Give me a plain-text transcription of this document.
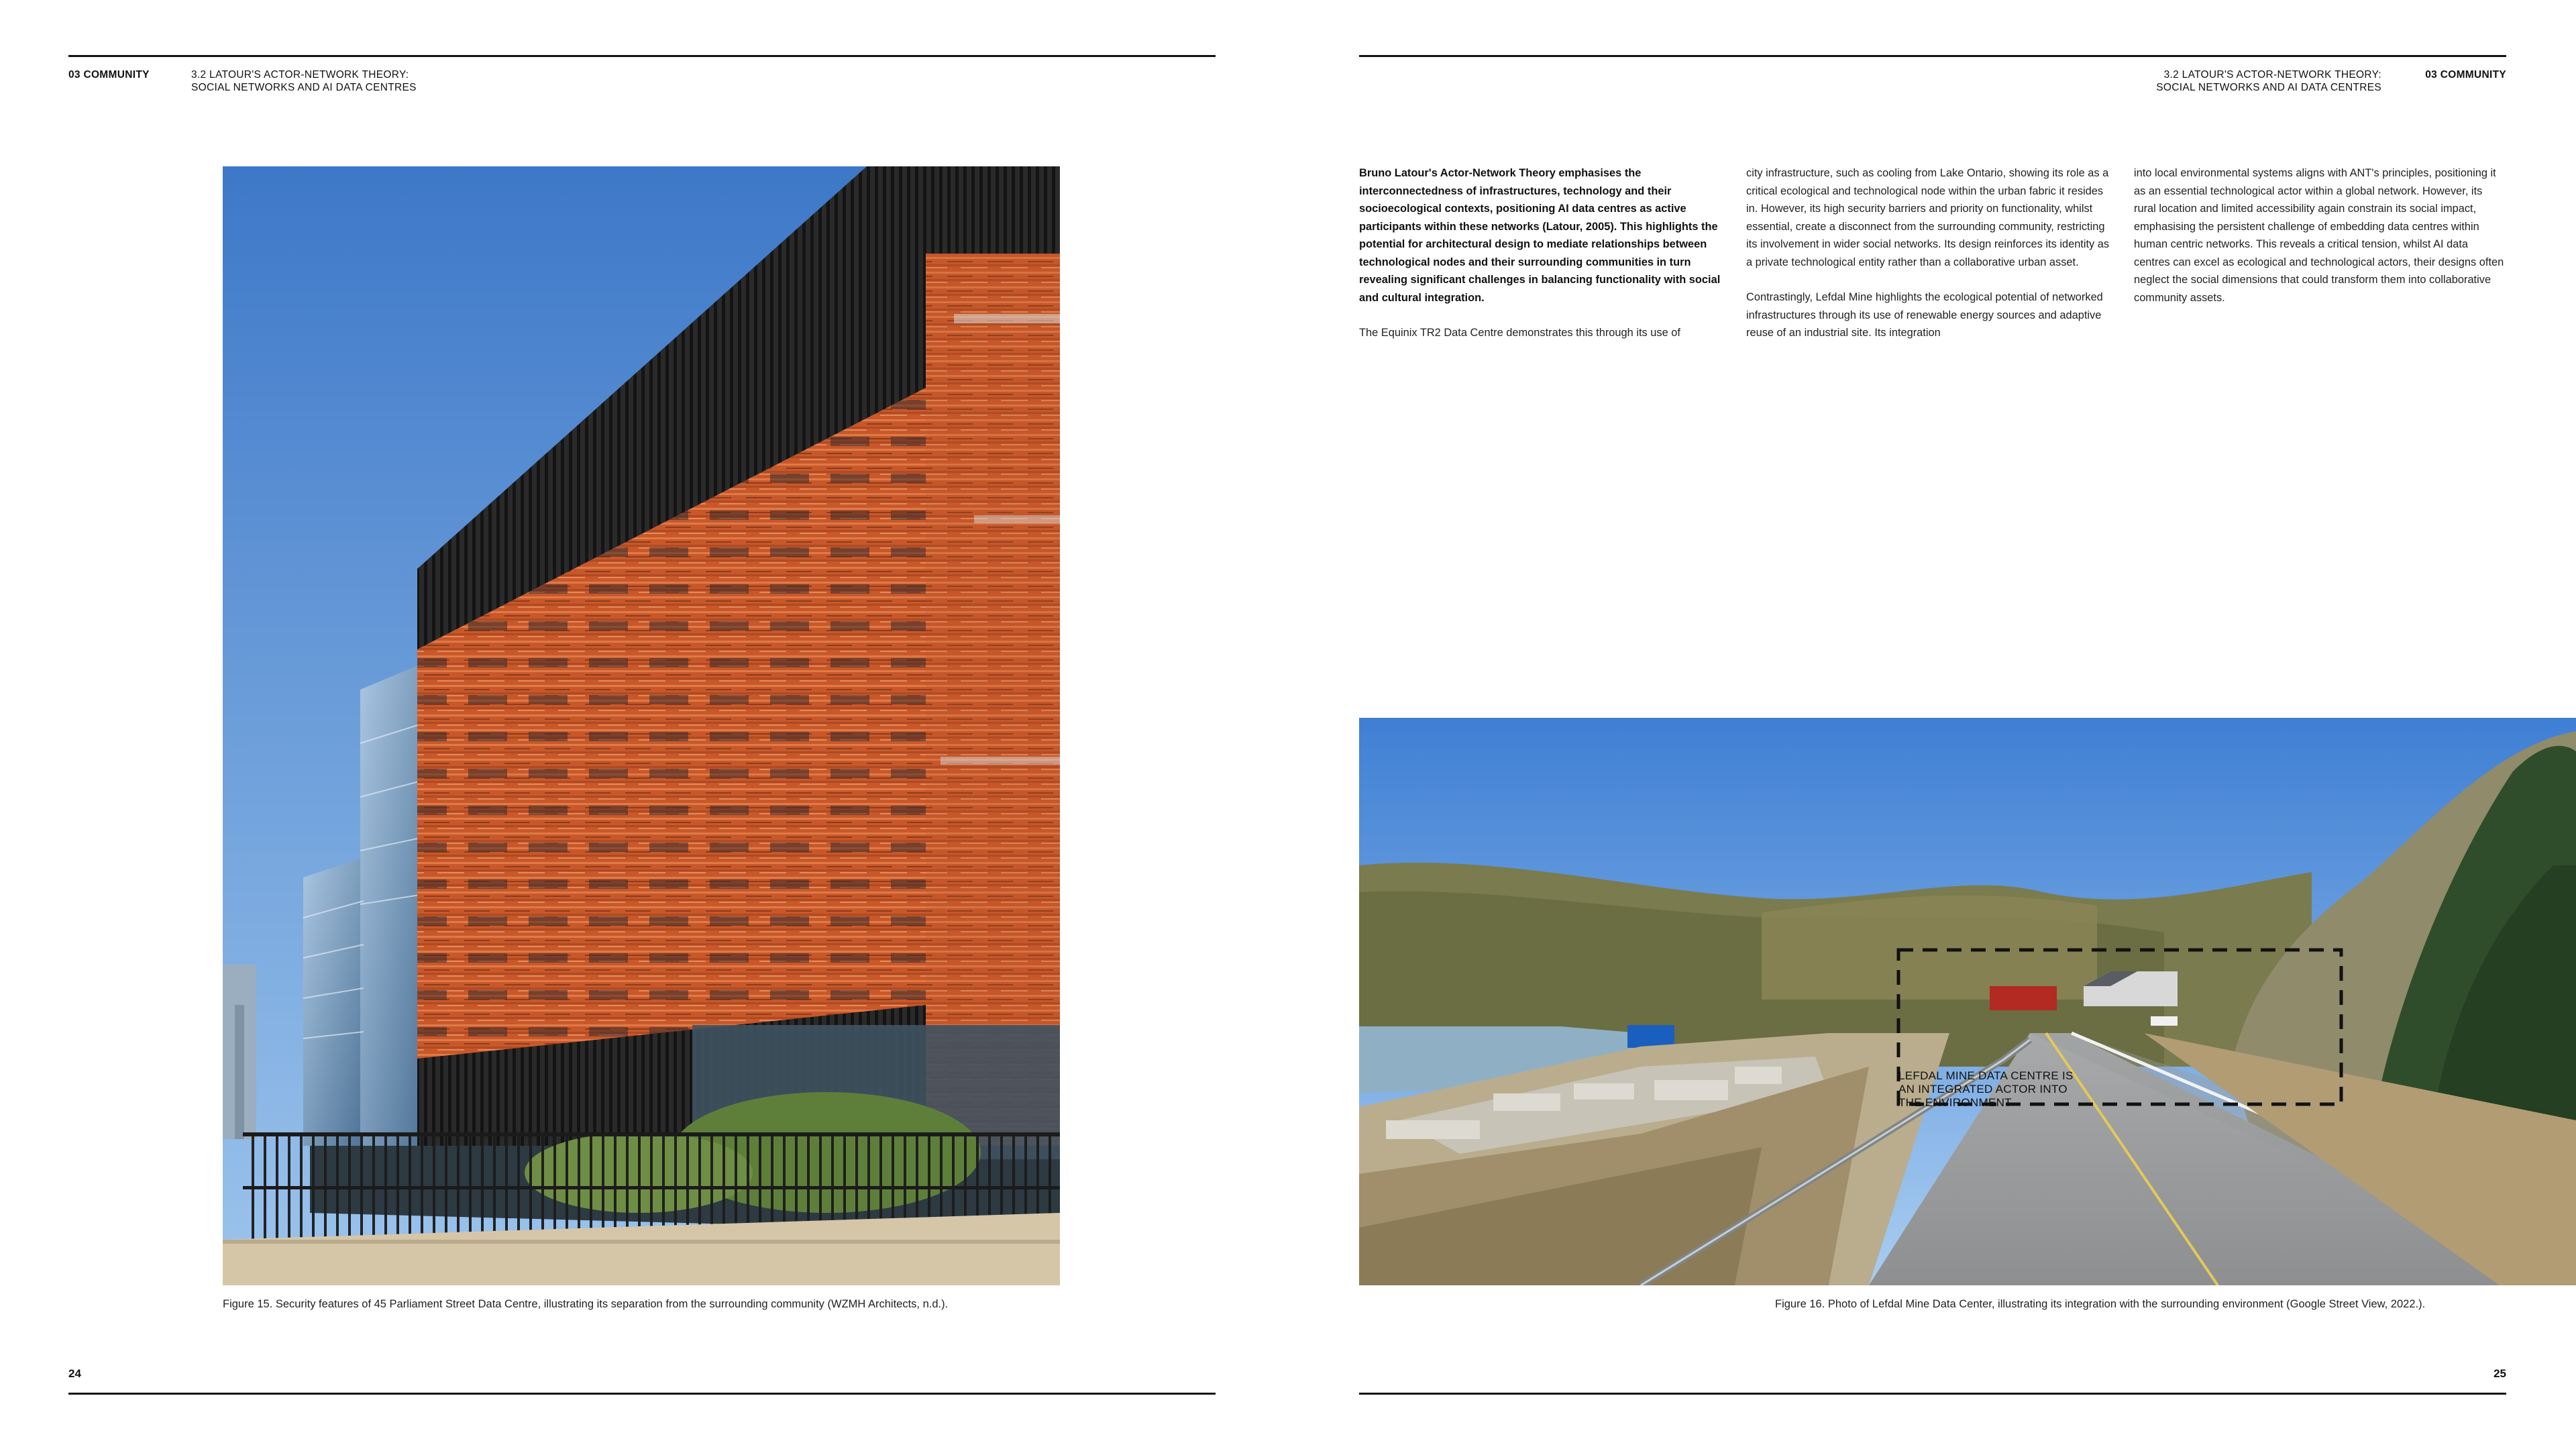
03 COMMUNITY	3.2 LATOUR'S ACTOR-NETWORK THEORY:
SOCIAL NETWORKS AND AI DATA CENTRES
Figure 15. Security features of 45 Parliament Street Data Centre, illustrating its separation from the surrounding community (WZMH Architects, n.d.).
24
3.2 LATOUR'S ACTOR-NETWORK THEORY:
SOCIAL NETWORKS AND AI DATA CENTRES
03 COMMUNITY

Bruno Latour's Actor-Network Theory emphasises the interconnectedness of infrastructures, technology and their socioecological contexts, positioning AI data centres as active participants within these networks (Latour, 2005). This highlights the potential for architectural design to mediate relationships between technological nodes and their surrounding communities in turn revealing significant challenges in balancing functionality with social and cultural integration.

The Equinix TR2 Data Centre demonstrates this through its use of

city infrastructure, such as cooling from Lake Ontario, showing its role as a critical ecological and technological node within the urban fabric it resides in. However, its high security barriers and priority on functionality, whilst essential, create a disconnect from the surrounding community, restricting its involvement in wider social networks. Its design reinforces its identity as a private technological entity rather than a collaborative urban asset.

Contrastingly, Lefdal Mine highlights the ecological potential of networked infrastructures through its use of renewable energy sources and adaptive reuse of an industrial site. Its integration

into local environmental systems aligns with ANT's principles, positioning it as an essential technological actor within a global network. However, its rural location and limited accessibility again constrain its social impact, emphasising the persistent challenge of embedding data centres within human centric networks. This reveals a critical tension, whilst AI data centres can excel as ecological and technological actors, their designs often neglect the social dimensions that could transform them into collaborative community assets.

LEFDAL MINE DATA CENTRE IS
AN INTEGRATED ACTOR INTO
THE ENVIRONMENT
Figure 16. Photo of Lefdal Mine Data Center, illustrating its integration with the surrounding environment (Google Street View, 2022.).
25
